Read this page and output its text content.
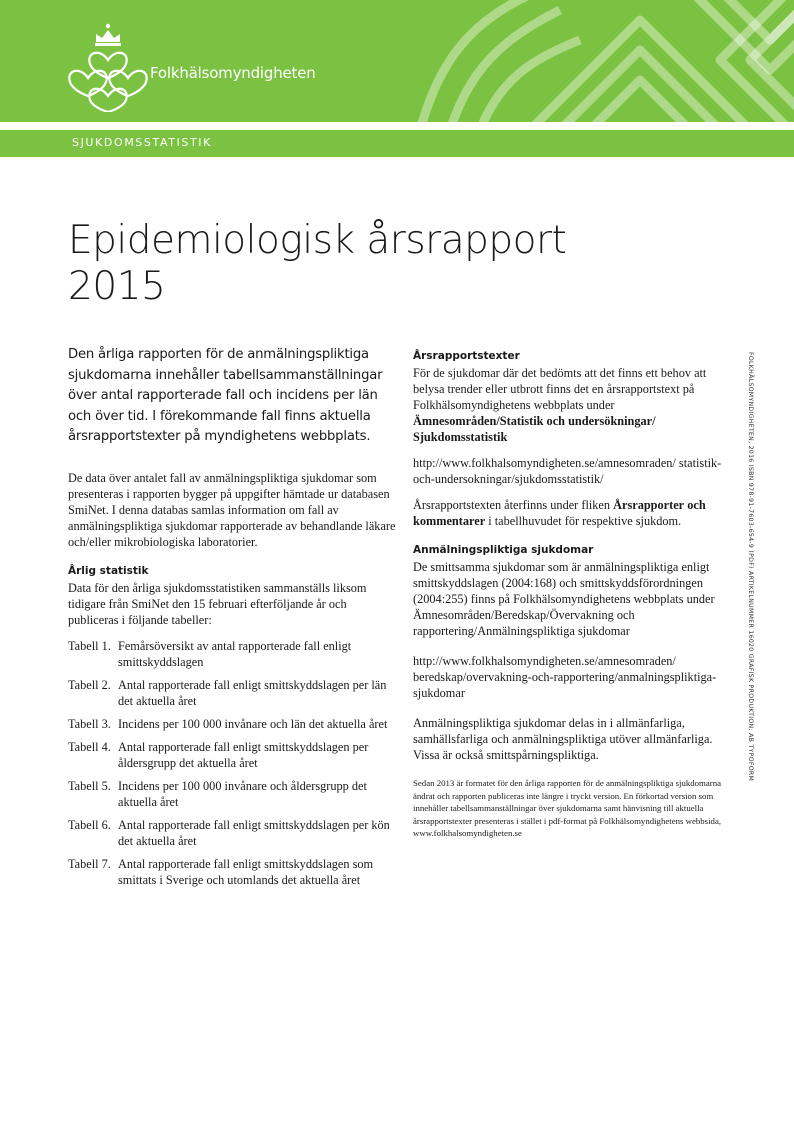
Folkhälsomyndigheten
SJUKDOMSSTATISTIK
Epidemiologisk årsrapport
2015

Den årliga rapporten för de anmälningspliktiga sjukdomarna innehåller tabellsammanställningar över antal rapporterade fall och incidens per län och över tid. I förekommande fall finns aktuella årsrapportstexter på myndighetens webbplats.

De data över antalet fall av anmälningspliktiga sjukdomar som presenteras i rapporten bygger på uppgifter hämtade ur databasen SmiNet. I denna databas samlas information om fall av anmälningspliktiga sjukdomar rapporterade av behandlande läkare och/eller mikrobiologiska laboratorier.

Årlig statistik

Data för den årliga sjukdomsstatistiken sammanställs liksom tidigare från SmiNet den 15 februari efterföljande år och publiceras i följande tabeller:

Tabell 1. Femårsöversikt av antal rapporterade fall enligt smittskyddslagen
Tabell 2. Antal rapporterade fall enligt smittskyddslagen per län det aktuella året
Tabell 3. Incidens per 100 000 invånare och län det aktuella året
Tabell 4. Antal rapporterade fall enligt smittskyddslagen per åldersgrupp det aktuella året
Tabell 5. Incidens per 100 000 invånare och åldersgrupp det aktuella året
Tabell 6. Antal rapporterade fall enligt smittskyddslagen per kön det aktuella året
Tabell 7. Antal rapporterade fall enligt smittskyddslagen som smittats i Sverige och utomlands det aktuella året
Årsrapportstexter

För de sjukdomar där det bedömts att det finns ett behov att belysa trender eller utbrott finns det en årsrapportstext på Folkhälsomyndighetens webbplats under Ämnesområden/Statistik och undersökningar/ Sjukdomsstatistik

http://www.folkhalsomyndigheten.se/amnesomraden/ statistik-och-undersokningar/sjukdomsstatistik/

Årsrapportstexten återfinns under fliken Årsrapporter och kommentarer i tabellhuvudet för respektive sjukdom.

Anmälningspliktiga sjukdomar

De smittsamma sjukdomar som är anmälningspliktiga enligt smittskyddslagen (2004:168) och smittskyddsförordningen (2004:255) finns på Folkhälsomyndighetens webbplats under Ämnesområden/Beredskap/Övervakning och rapportering/Anmälningspliktiga sjukdomar

http://www.folkhalsomyndigheten.se/amnesomraden/ beredskap/overvakning-och-rapportering/anmalningspliktiga-sjukdomar

Anmälningspliktiga sjukdomar delas in i allmänfarliga, samhällsfarliga och anmälningspliktiga utöver allmänfarliga. Vissa är också smittspårningspliktiga.

Sedan 2013 är formatet för den årliga rapporten för de anmälningspliktiga sjukdomarna ändrat och rapporten publiceras inte längre i tryckt version. En förkortad version som innehåller tabellsammanställningar över sjukdomarna samt hänvisning till aktuella årsrapportstexter presenteras i stället i pdf-format på Folkhälsomyndighetens webbsida, www.folkhalsomyndigheten.se

FOLKHÄLSOMYNDIGHETEN, 2016 ISBN 978-91-7603-654-9 (PDF) ARTIKELNUMMER 16020 GRAFISK PRODUKTION: AB TYPOFORM
